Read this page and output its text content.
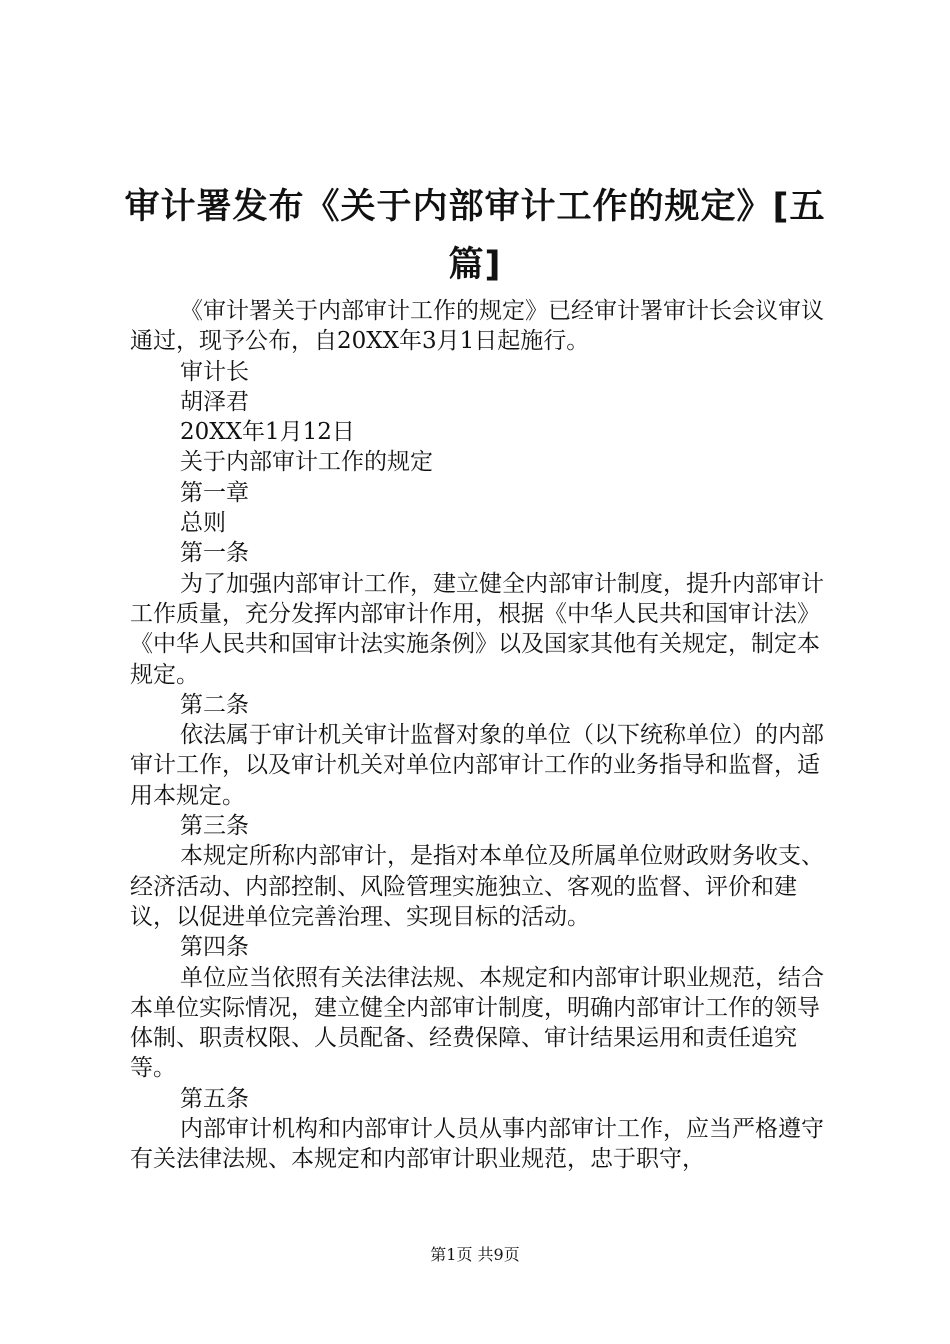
审计署发布《关于内部审计工作的规定》[五篇]

《审计署关于内部审计工作的规定》已经审计署审计长会议审议通过，现予公布，自20XX年3月1日起施行。

审计长

胡泽君

20XX年1月12日

关于内部审计工作的规定

第一章

总则

第一条

为了加强内部审计工作，建立健全内部审计制度，提升内部审计工作质量，充分发挥内部审计作用，根据《中华人民共和国审计法》《中华人民共和国审计法实施条例》以及国家其他有关规定，制定本规定。

第二条

依法属于审计机关审计监督对象的单位（以下统称单位）的内部审计工作，以及审计机关对单位内部审计工作的业务指导和监督，适用本规定。

第三条

本规定所称内部审计，是指对本单位及所属单位财政财务收支、经济活动、内部控制、风险管理实施独立、客观的监督、评价和建议，以促进单位完善治理、实现目标的活动。

第四条

单位应当依照有关法律法规、本规定和内部审计职业规范，结合本单位实际情况，建立健全内部审计制度，明确内部审计工作的领导体制、职责权限、人员配备、经费保障、审计结果运用和责任追究等。

第五条

内部审计机构和内部审计人员从事内部审计工作，应当严格遵守有关法律法规、本规定和内部审计职业规范，忠于职守，

第1页 共9页
